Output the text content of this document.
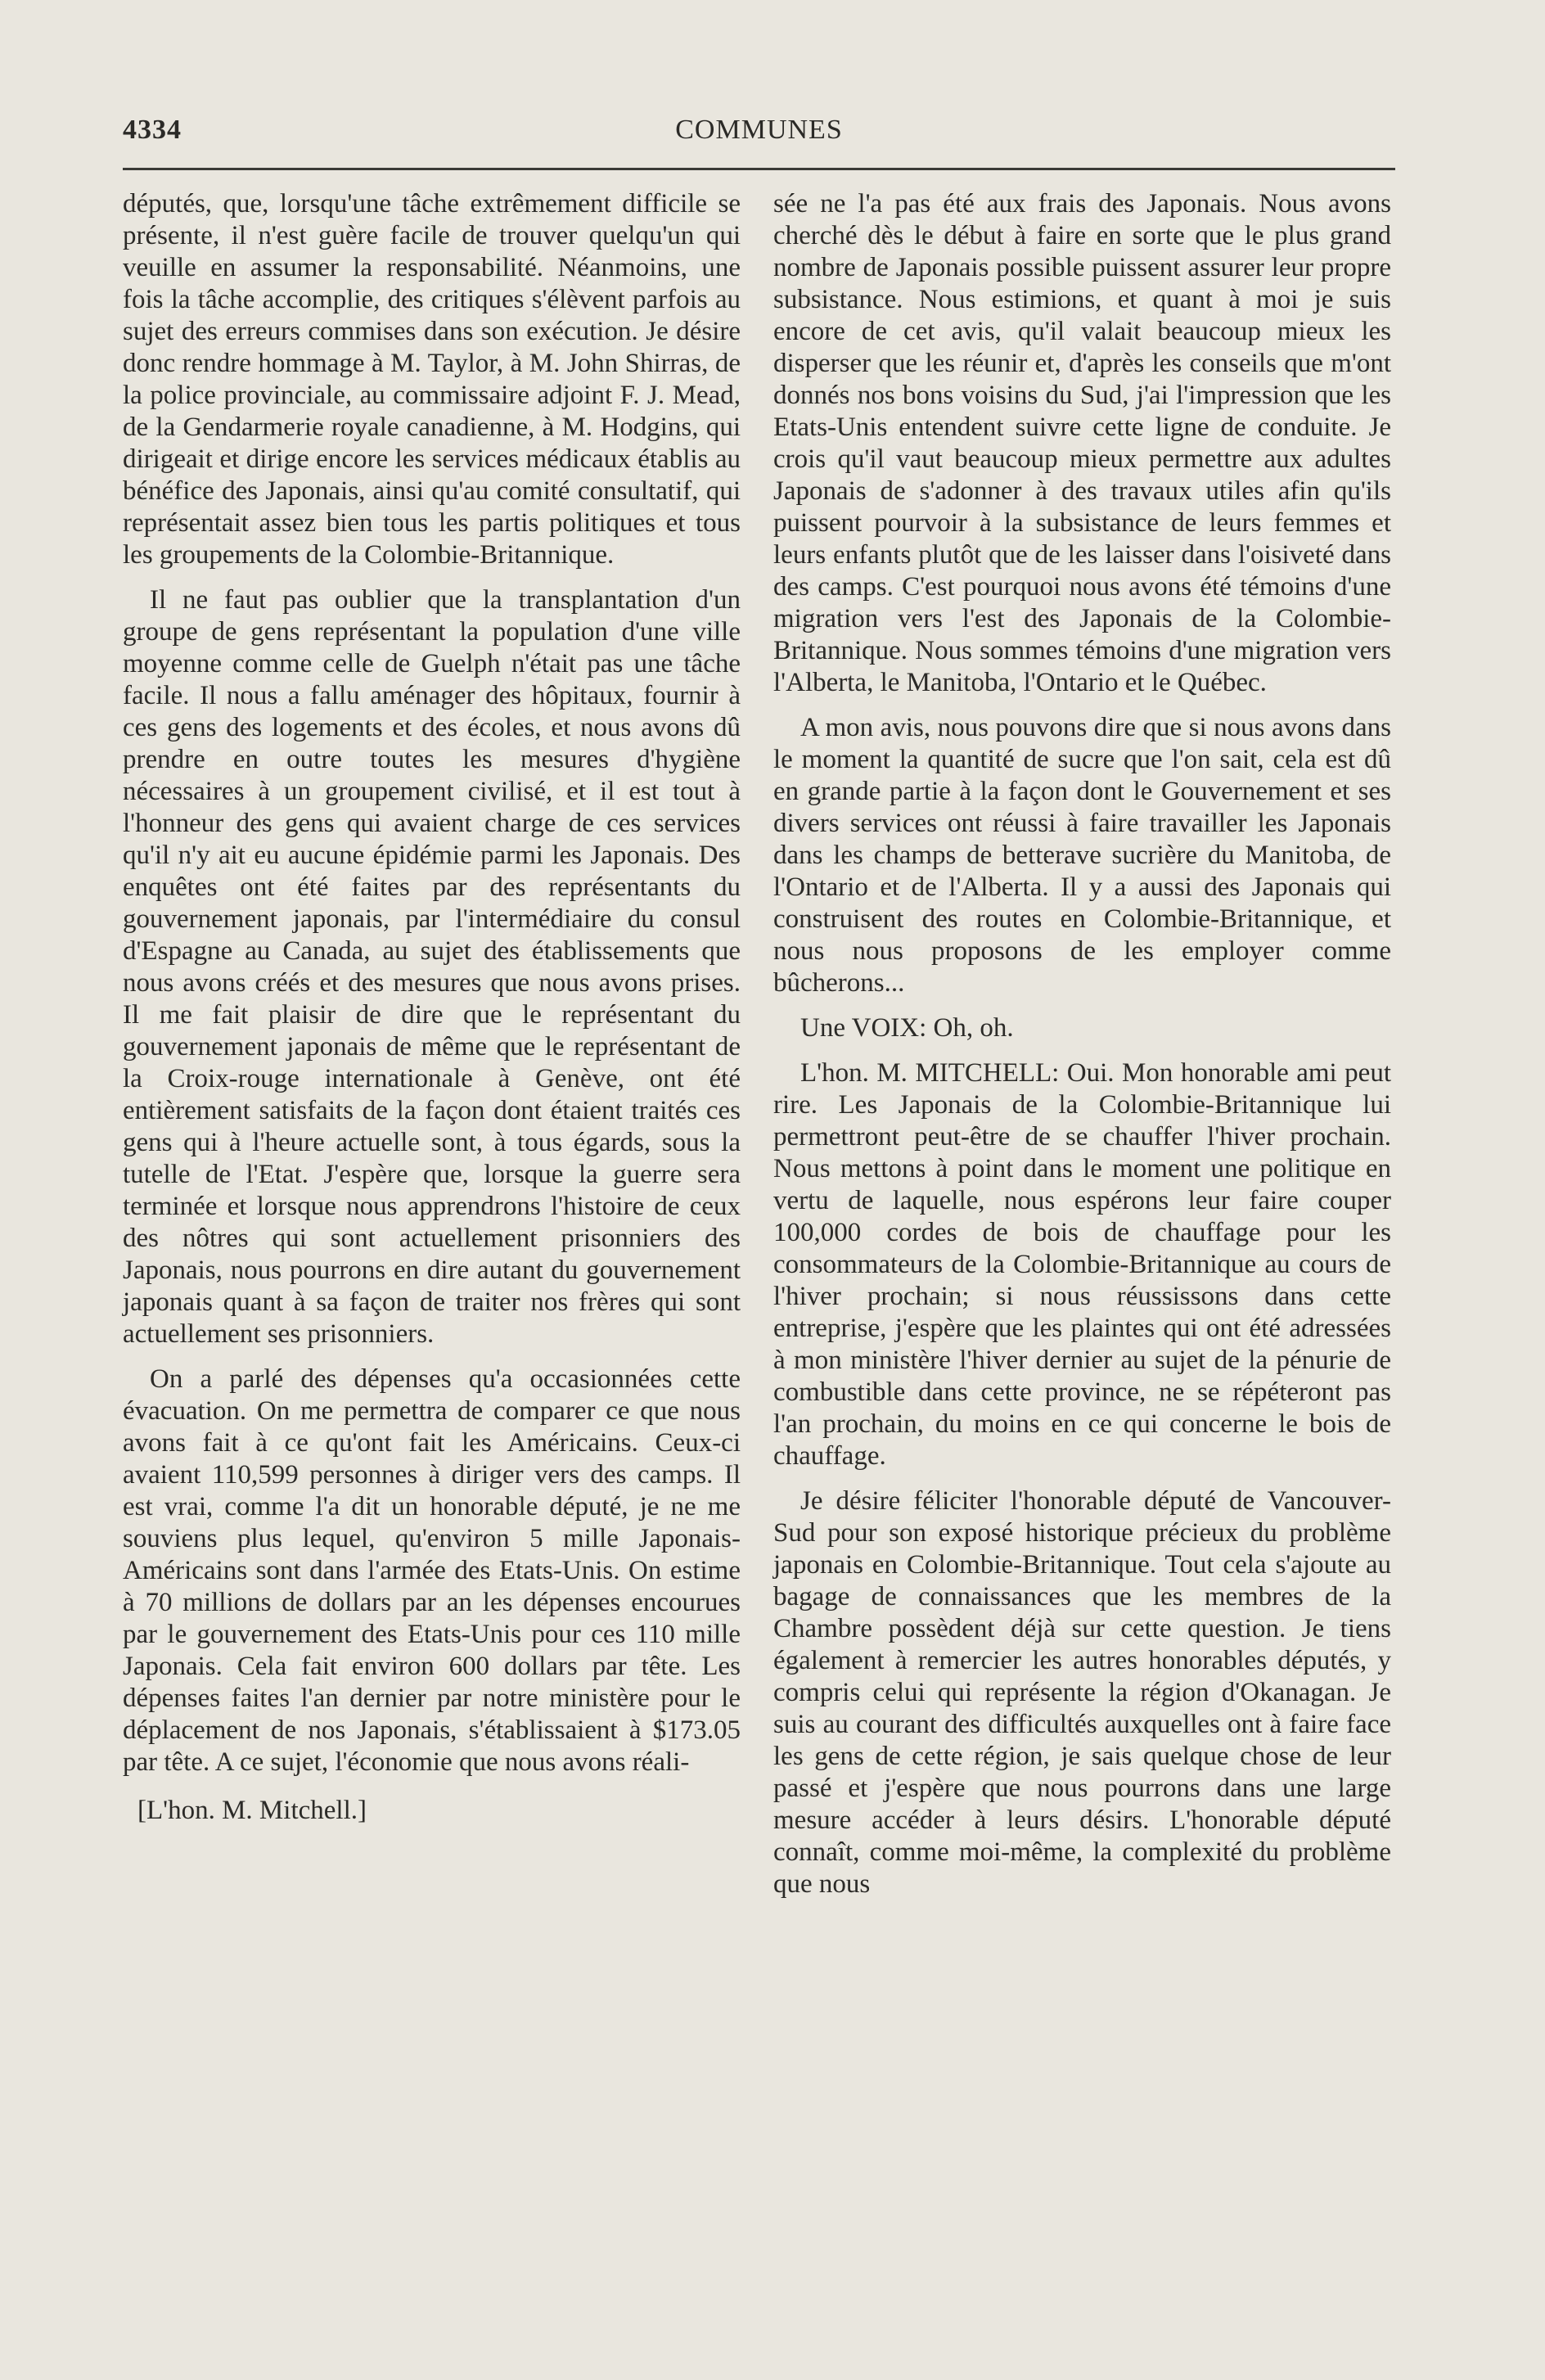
4334	COMMUNES

députés, que, lorsqu'une tâche extrêmement difficile se présente, il n'est guère facile de trouver quelqu'un qui veuille en assumer la responsabilité. Néanmoins, une fois la tâche accomplie, des critiques s'élèvent parfois au sujet des erreurs commises dans son exécution. Je désire donc rendre hommage à M. Taylor, à M. John Shirras, de la police provinciale, au commissaire adjoint F. J. Mead, de la Gendarmerie royale canadienne, à M. Hodgins, qui dirigeait et dirige encore les services médicaux établis au bénéfice des Japonais, ainsi qu'au comité consultatif, qui représentait assez bien tous les partis politiques et tous les groupements de la Colombie-Britannique.

Il ne faut pas oublier que la transplantation d'un groupe de gens représentant la population d'une ville moyenne comme celle de Guelph n'était pas une tâche facile. Il nous a fallu aménager des hôpitaux, fournir à ces gens des logements et des écoles, et nous avons dû prendre en outre toutes les mesures d'hygiène nécessaires à un groupement civilisé, et il est tout à l'honneur des gens qui avaient charge de ces services qu'il n'y ait eu aucune épidémie parmi les Japonais. Des enquêtes ont été faites par des représentants du gouvernement japonais, par l'intermédiaire du consul d'Espagne au Canada, au sujet des établissements que nous avons créés et des mesures que nous avons prises. Il me fait plaisir de dire que le représentant du gouvernement japonais de même que le représentant de la Croix-rouge internationale à Genève, ont été entièrement satisfaits de la façon dont étaient traités ces gens qui à l'heure actuelle sont, à tous égards, sous la tutelle de l'Etat. J'espère que, lorsque la guerre sera terminée et lorsque nous apprendrons l'histoire de ceux des nôtres qui sont actuellement prisonniers des Japonais, nous pourrons en dire autant du gouvernement japonais quant à sa façon de traiter nos frères qui sont actuellement ses prisonniers.

On a parlé des dépenses qu'a occasionnées cette évacuation. On me permettra de comparer ce que nous avons fait à ce qu'ont fait les Américains. Ceux-ci avaient 110,599 personnes à diriger vers des camps. Il est vrai, comme l'a dit un honorable député, je ne me souviens plus lequel, qu'environ 5 mille Japonais-Américains sont dans l'armée des Etats-Unis. On estime à 70 millions de dollars par an les dépenses encourues par le gouvernement des Etats-Unis pour ces 110 mille Japonais. Cela fait environ 600 dollars par tête. Les dépenses faites l'an dernier par notre ministère pour le déplacement de nos Japonais, s'établissaient à $173.05 par tête. A ce sujet, l'économie que nous avons réali-

[L'hon. M. Mitchell.]

sée ne l'a pas été aux frais des Japonais. Nous avons cherché dès le début à faire en sorte que le plus grand nombre de Japonais possible puissent assurer leur propre subsistance. Nous estimions, et quant à moi je suis encore de cet avis, qu'il valait beaucoup mieux les disperser que les réunir et, d'après les conseils que m'ont donnés nos bons voisins du Sud, j'ai l'impression que les Etats-Unis entendent suivre cette ligne de conduite. Je crois qu'il vaut beaucoup mieux permettre aux adultes Japonais de s'adonner à des travaux utiles afin qu'ils puissent pourvoir à la subsistance de leurs femmes et leurs enfants plutôt que de les laisser dans l'oisiveté dans des camps. C'est pourquoi nous avons été témoins d'une migration vers l'est des Japonais de la Colombie-Britannique. Nous sommes témoins d'une migration vers l'Alberta, le Manitoba, l'Ontario et le Québec.

A mon avis, nous pouvons dire que si nous avons dans le moment la quantité de sucre que l'on sait, cela est dû en grande partie à la façon dont le Gouvernement et ses divers services ont réussi à faire travailler les Japonais dans les champs de betterave sucrière du Manitoba, de l'Ontario et de l'Alberta. Il y a aussi des Japonais qui construisent des routes en Colombie-Britannique, et nous nous proposons de les employer comme bûcherons...

Une VOIX: Oh, oh.

L'hon. M. MITCHELL: Oui. Mon honorable ami peut rire. Les Japonais de la Colombie-Britannique lui permettront peut-être de se chauffer l'hiver prochain. Nous mettons à point dans le moment une politique en vertu de laquelle, nous espérons leur faire couper 100,000 cordes de bois de chauffage pour les consommateurs de la Colombie-Britannique au cours de l'hiver prochain; si nous réussissons dans cette entreprise, j'espère que les plaintes qui ont été adressées à mon ministère l'hiver dernier au sujet de la pénurie de combustible dans cette province, ne se répéteront pas l'an prochain, du moins en ce qui concerne le bois de chauffage.

Je désire féliciter l'honorable député de Vancouver-Sud pour son exposé historique précieux du problème japonais en Colombie-Britannique. Tout cela s'ajoute au bagage de connaissances que les membres de la Chambre possèdent déjà sur cette question. Je tiens également à remercier les autres honorables députés, y compris celui qui représente la région d'Okanagan. Je suis au courant des difficultés auxquelles ont à faire face les gens de cette région, je sais quelque chose de leur passé et j'espère que nous pourrons dans une large mesure accéder à leurs désirs. L'honorable député connaît, comme moi-même, la complexité du problème que nous
